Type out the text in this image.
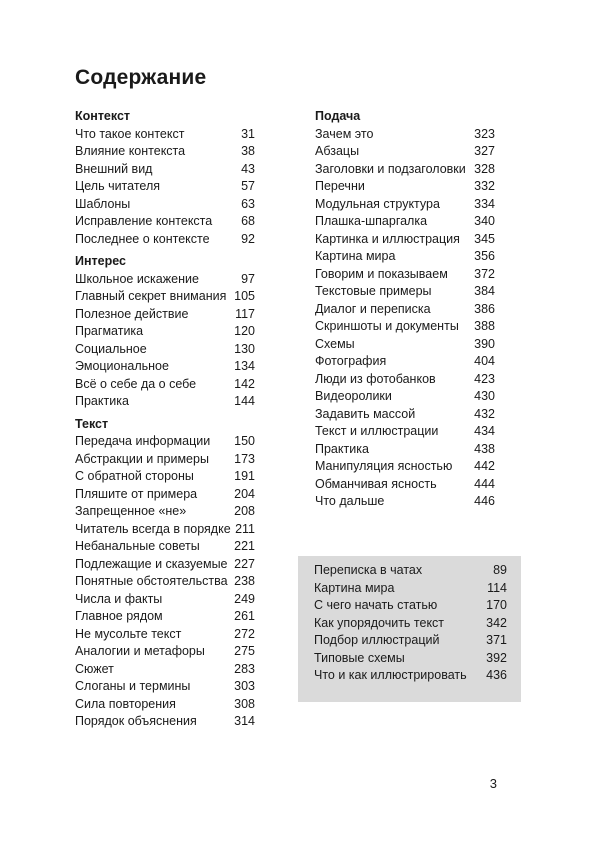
Содержание
Контекст
Что такое контекст	31
Влияние контекста	38
Внешний вид	43
Цель читателя	57
Шаблоны	63
Исправление контекста 68
Последнее о контексте	92
Интерес
Школьное искажение	97
Главный секрет внимания 105
Полезное действие	117
Прагматика	120
Социальное	130
Эмоциональное	134
Всё о себе да о себе	142
Практика	144
Текст
Передача информации 150
Абстракции и примеры 173
С обратной стороны	191
Пляшите от примера	204
Запрещенное «не»	208
Читатель всегда в порядке 211
Небанальные советы	221
Подлежащие и сказуемые 227
Понятные обстоятельства 238
Числа и факты	249
Главное рядом	261
Не мусольте текст	272
Аналогии и метафоры 275
Сюжет	283
Слоганы и термины	303
Сила повторения	308
Порядок объяснения	314
Подача
Зачем это	323
Абзацы	327
Заголовки и подзаголовки 328
Перечни	332
Модульная структура	334
Плашка-шпаргалка	340
Картинка и иллюстрация 345
Картина мира	356
Говорим и показываем 372
Текстовые примеры	384
Диалог и переписка	386
Скриншоты и документы 388
Схемы	390
Фотография	404
Люди из фотобанков	423
Видеоролики	430
Задавить массой	432
Текст и иллюстрации	434
Практика	438
Манипуляция ясностью 442
Обманчивая ясность	444
Что дальше	446
Переписка в чатах	89
Картина мира	114
С чего начать статью	170
Как упорядочить текст	342
Подбор иллюстраций	371
Типовые схемы	392
Что и как иллюстрировать 436
3
